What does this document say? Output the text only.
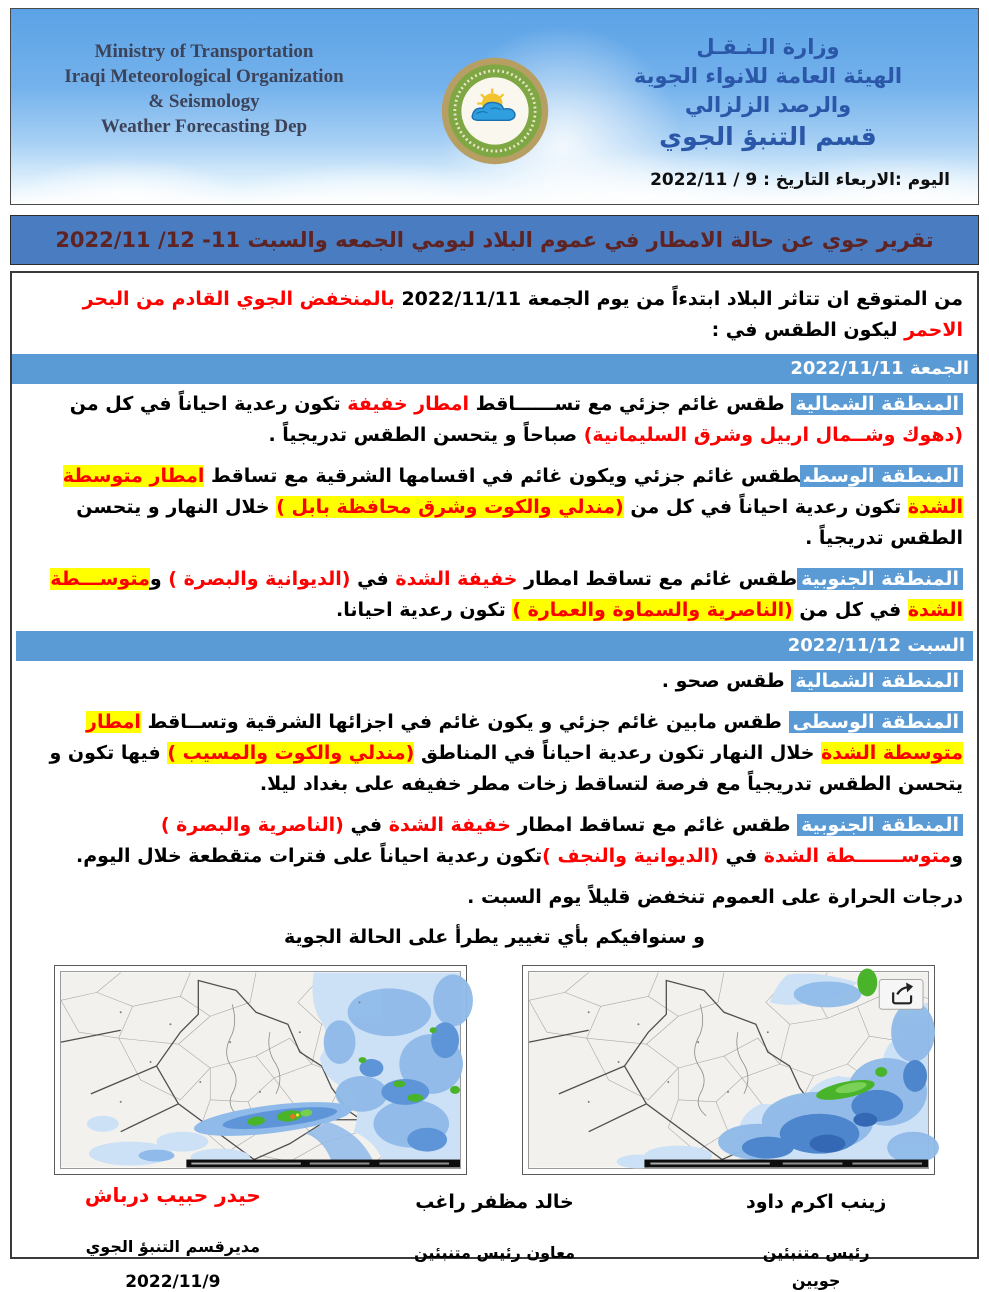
Ministry of Transportation
Iraqi Meteorological Organization
& Seismology
Weather Forecasting Dep
وزارة الـنـقـل
الهيئة العامة للانواء الجوية
والرصد الزلزالي
قسم التنبؤ الجوي
اليوم :الاربعاء التاريخ : 9 / 2022/11
تقرير جوي عن حالة الامطار في عموم البلاد ليومي الجمعه والسبت 11- 12/ 2022/11
من المتوقع ان تتاثر البلاد ابتدءاً من يوم الجمعة 2022/11/11 بالمنخفض الجوي القادم من البحر الاحمر ليكون الطقس في :
الجمعة 2022/11/11
المنطقة الشمالية طقس غائم جزئي مع تســــــاقط امطار خفيفة تكون رعدية احياناً في كل من (دهوك وشــمال اربيل وشرق السليمانية) صباحاً و يتحسن الطقس تدريجياً .
المنطقة الوسطىطقس غائم جزئي ويكون غائم في اقسامها الشرقية مع تساقط امطار متوسطة الشدة تكون رعدية احياناً في كل من (مندلي والكوت وشرق محافظة بابل ) خلال النهار و يتحسن الطقس تدريجياً .
المنطقة الجنوبيةطقس غائم مع تساقط امطار خفيفة الشدة في (الديوانية والبصرة ) ومتوســـطة الشدة في كل من (الناصرية والسماوة والعمارة ) تكون رعدية احيانا.
السبت 2022/11/12
المنطقة الشمالية طقس صحو .
المنطقة الوسطى طقس مابين غائم جزئي و يكون غائم في اجزائها الشرقية وتســاقط امطار متوسطة الشدة خلال النهار تكون رعدية احياناً في المناطق (مندلي والكوت والمسيب ) فيها تكون و يتحسن الطقس تدريجياً مع فرصة لتساقط زخات مطر خفيفه على بغداد ليلا.
المنطقة الجنوبية طقس غائم مع تساقط امطار خفيفة الشدة في (الناصرية والبصرة ) ومتوســـــــطة الشدة في (الديوانية والنجف )تكون رعدية احياناً على فترات متقطعة خلال اليوم.
درجات الحرارة على العموم تنخفض قليلاً يوم السبت .
و سنوافيكم بأي تغيير يطرأ على الحالة الجوية
زينب اكرم داود
رئيس متنبئين
جويين
خالد مظفر راغب
معاون رئيس متنبئين
حيدر حبيب درباش
مديرقسم التنبؤ الجوي
2022/11/9
